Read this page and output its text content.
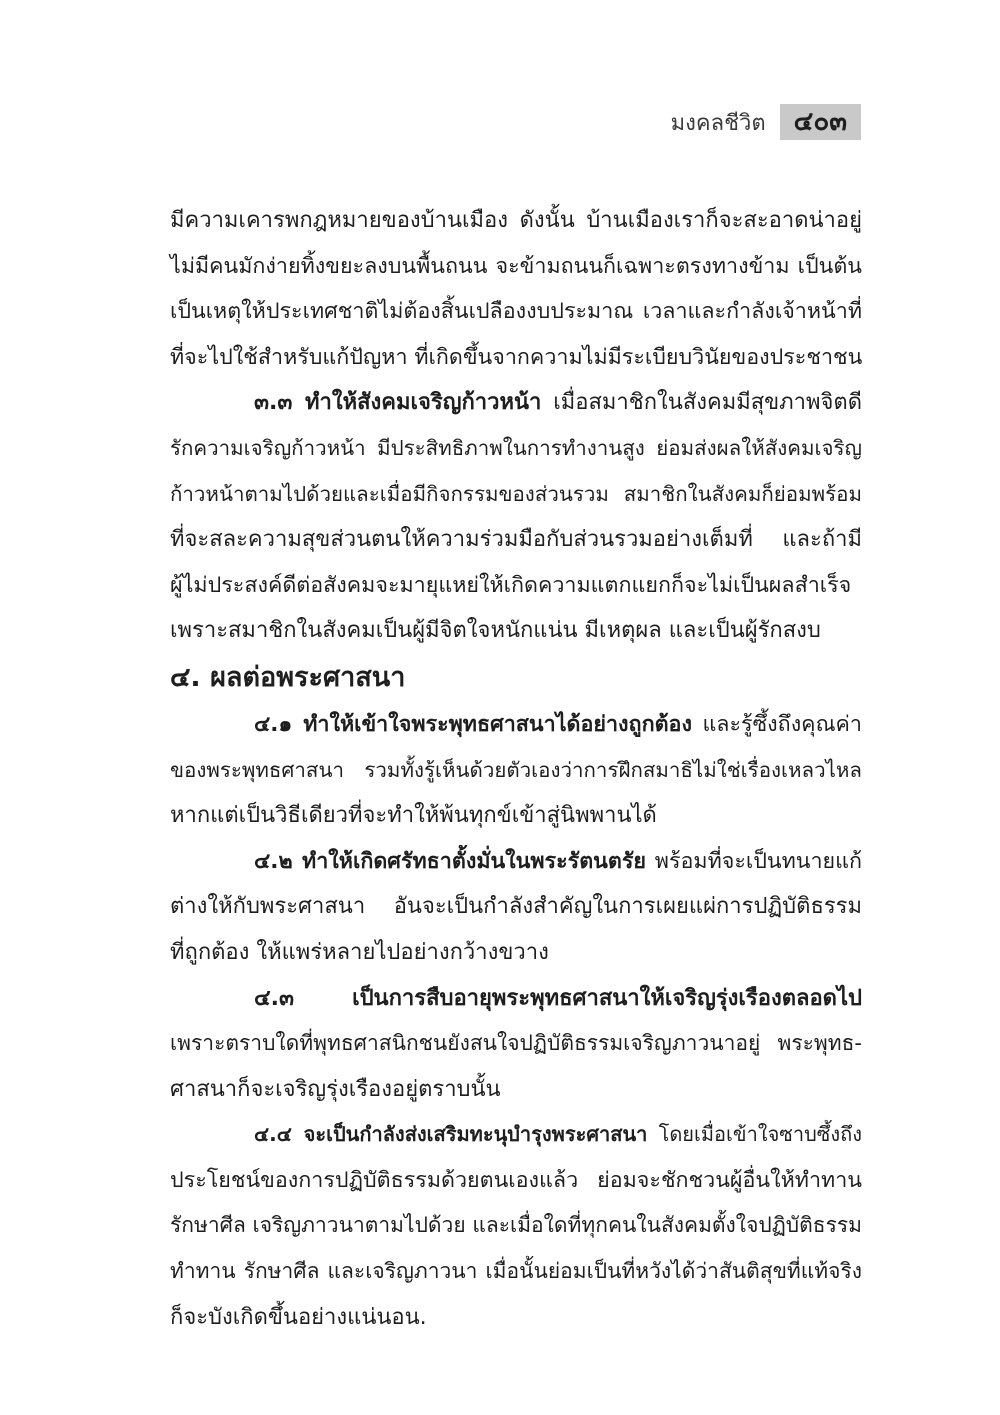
มงคลชีวิต	๔๐๓
มีความเคารพกฎหมายของบ้านเมือง ดังนั้น บ้านเมืองเราก็จะสะอาดน่าอยู่
ไม่มีคนมักง่ายทิ้งขยะลงบนพื้นถนน จะข้ามถนนก็เฉพาะตรงทางข้าม เป็นต้น
เป็นเหตุให้ประเทศชาติไม่ต้องสิ้นเปลืองงบประมาณ เวลาและกำลังเจ้าหน้าที่
ที่จะไปใช้สำหรับแก้ปัญหา ที่เกิดขึ้นจากความไม่มีระเบียบวินัยของประชาชน
๓.๓ ทำให้สังคมเจริญก้าวหน้า เมื่อสมาชิกในสังคมมีสุขภาพจิตดี
รักความเจริญก้าวหน้า มีประสิทธิภาพในการทำงานสูง ย่อมส่งผลให้สังคมเจริญ
ก้าวหน้าตามไปด้วยและเมื่อมีกิจกรรมของส่วนรวม สมาชิกในสังคมก็ย่อมพร้อม
ที่จะสละความสุขส่วนตนให้ความร่วมมือกับส่วนรวมอย่างเต็มที่ และถ้ามี
ผู้ไม่ประสงค์ดีต่อสังคมจะมายุแหย่ให้เกิดความแตกแยกก็จะไม่เป็นผลสำเร็จ
เพราะสมาชิกในสังคมเป็นผู้มีจิตใจหนักแน่น มีเหตุผล และเป็นผู้รักสงบ
๔. ผลต่อพระศาสนา
๔.๑ ทำให้เข้าใจพระพุทธศาสนาได้อย่างถูกต้อง และรู้ซึ้งถึงคุณค่า
ของพระพุทธศาสนา รวมทั้งรู้เห็นด้วยตัวเองว่าการฝึกสมาธิไม่ใช่เรื่องเหลวไหล
หากแต่เป็นวิธีเดียวที่จะทำให้พ้นทุกข์เข้าสู่นิพพานได้
๔.๒ ทำให้เกิดศรัทธาตั้งมั่นในพระรัตนตรัย พร้อมที่จะเป็นทนายแก้
ต่างให้กับพระศาสนา อันจะเป็นกำลังสำคัญในการเผยแผ่การปฏิบัติธรรม
ที่ถูกต้อง ให้แพร่หลายไปอย่างกว้างขวาง
๔.๓ เป็นการสืบอายุพระพุทธศาสนาให้เจริญรุ่งเรืองตลอดไป
เพราะตราบใดที่พุทธศาสนิกชนยังสนใจปฏิบัติธรรมเจริญภาวนาอยู่ พระพุทธ-
ศาสนาก็จะเจริญรุ่งเรืองอยู่ตราบนั้น
๔.๔ จะเป็นกำลังส่งเสริมทะนุบำรุงพระศาสนา โดยเมื่อเข้าใจซาบซึ้งถึง
ประโยชน์ของการปฏิบัติธรรมด้วยตนเองแล้ว ย่อมจะชักชวนผู้อื่นให้ทำทาน
รักษาศีล เจริญภาวนาตามไปด้วย และเมื่อใดที่ทุกคนในสังคมตั้งใจปฏิบัติธรรม
ทำทาน รักษาศีล และเจริญภาวนา เมื่อนั้นย่อมเป็นที่หวังได้ว่าสันติสุขที่แท้จริง
ก็จะบังเกิดขึ้นอย่างแน่นอน.
